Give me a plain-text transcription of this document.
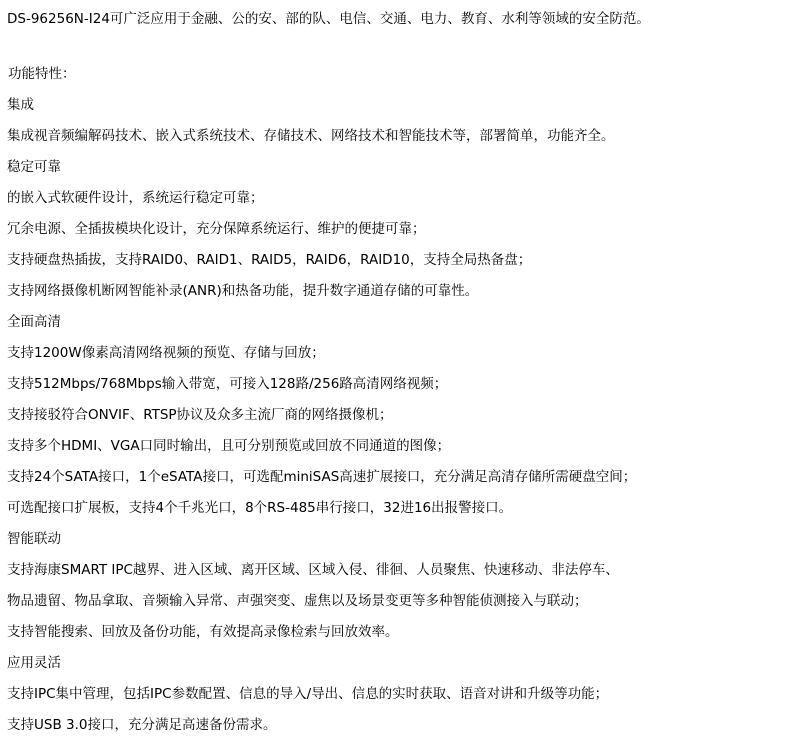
DS-96256N-I24可广泛应用于金融、公的安、部的队、电信、交通、电力、教育、水利等领域的安全防范。
功能特性：
集成
集成视音频编解码技术、嵌入式系统技术、存储技术、网络技术和智能技术等，部署简单，功能齐全。
稳定可靠
的嵌入式软硬件设计，系统运行稳定可靠；
冗余电源、全插拔模块化设计，充分保障系统运行、维护的便捷可靠；
支持硬盘热插拔，支持RAID0、RAID1、RAID5，RAID6，RAID10，支持全局热备盘；
支持网络摄像机断网智能补录(ANR)和热备功能，提升数字通道存储的可靠性。
全面高清
支持1200W像素高清网络视频的预览、存储与回放；
支持512Mbps/768Mbps输入带宽，可接入128路/256路高清网络视频；
支持接驳符合ONVIF、RTSP协议及众多主流厂商的网络摄像机；
支持多个HDMI、VGA口同时输出，且可分别预览或回放不同通道的图像；
支持24个SATA接口，1个eSATA接口，可选配miniSAS高速扩展接口，充分满足高清存储所需硬盘空间；
可选配接口扩展板，支持4个千兆光口，8个RS-485串行接口，32进16出报警接口。
智能联动
支持海康SMART IPC越界、进入区域、离开区域、区域入侵、徘徊、人员聚焦、快速移动、非法停车、
物品遗留、物品拿取、音频输入异常、声强突变、虚焦以及场景变更等多种智能侦测接入与联动；
支持智能搜索、回放及备份功能，有效提高录像检索与回放效率。
应用灵活
支持IPC集中管理，包括IPC参数配置、信息的导入/导出、信息的实时获取、语音对讲和升级等功能；
支持USB 3.0接口，充分满足高速备份需求。
